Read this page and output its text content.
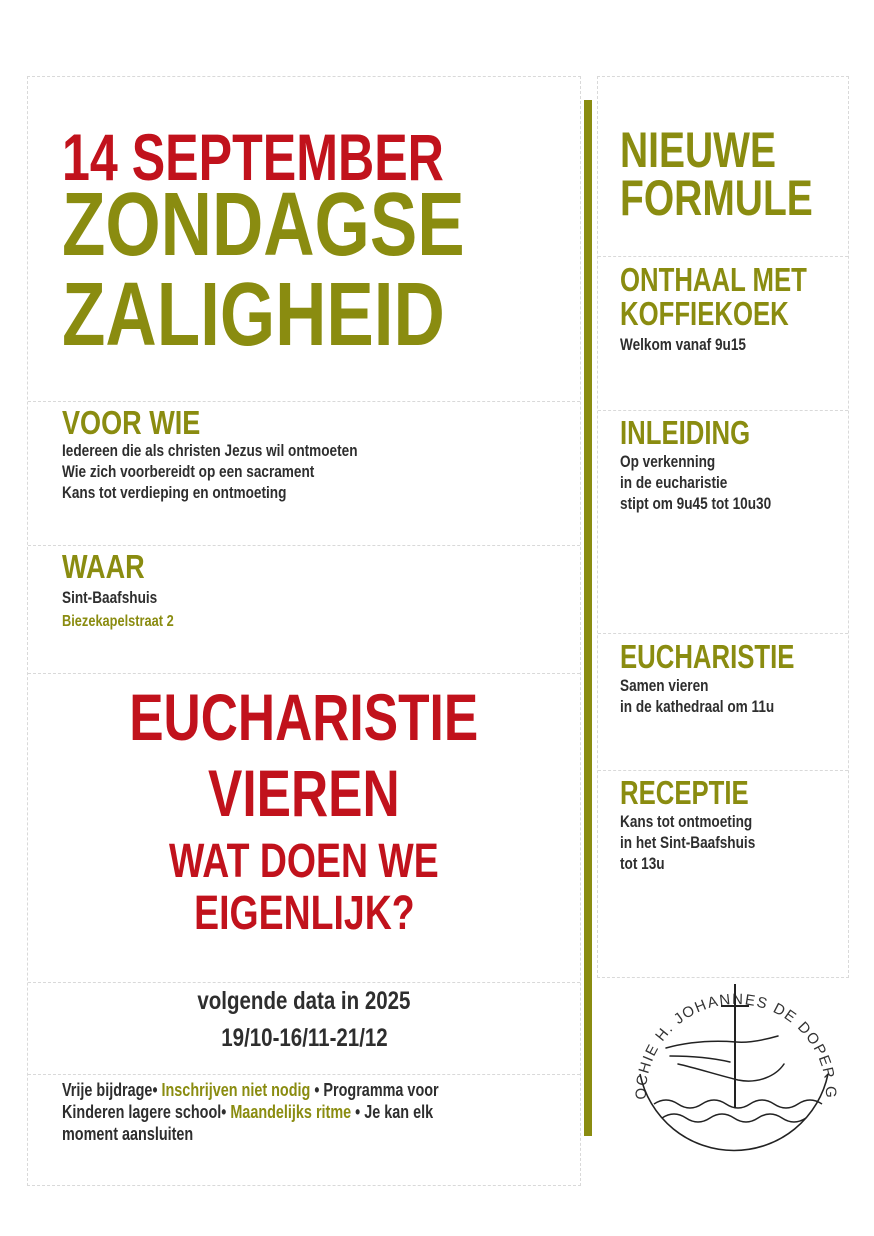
14 SEPTEMBER
ZONDAGSE
ZALIGHEID
VOOR WIE
Iedereen die als christen Jezus wil ontmoeten
Wie zich voorbereidt op een sacrament
Kans tot verdieping en ontmoeting
WAAR
Sint-Baafshuis
Biezekapelstraat 2
EUCHARISTIE
VIEREN
WAT DOEN WE
EIGENLIJK?
volgende data in 2025
19/10-16/11-21/12
Vrije bijdrage• Inschrijven niet nodig • Programma voor
Kinderen lagere school• Maandelijks ritme • Je kan elk
moment aansluiten
NIEUWE
FORMULE
ONTHAAL MET
KOFFIEKOEK
Welkom vanaf 9u15
INLEIDING
Op verkenning
in de eucharistie
stipt om 9u45 tot 10u30
EUCHARISTIE
Samen vieren
in de kathedraal om 11u
RECEPTIE
Kans tot ontmoeting
in het Sint-Baafshuis
tot 13u
OCHIE H. JOHANNES DE DOPER G
